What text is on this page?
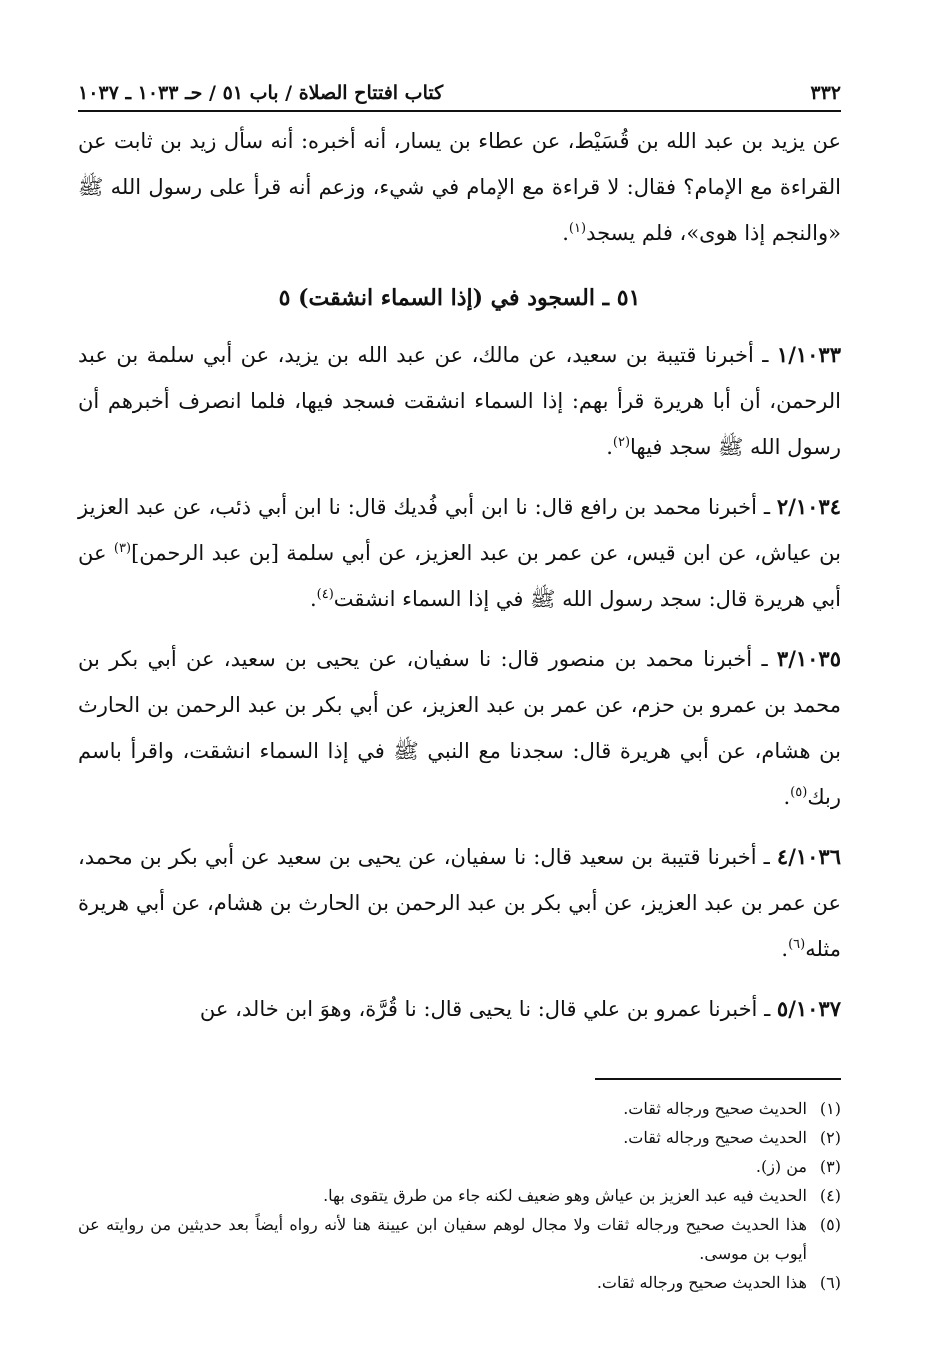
٣٣٢
كتاب افتتاح الصلاة / باب ٥١ / حـ ١٠٣٣ ـ ١٠٣٧

عن يزيد بن عبد الله بن قُسَيْط، عن عطاء بن يسار، أنه أخبره: أنه سأل زيد بن ثابت عن القراءة مع الإمام؟ فقال: لا قراءة مع الإمام في شيء، وزعم أنه قرأ على رسول الله ﷺ «والنجم إذا هوى»، فلم يسجد$^{(١)}$.

٥١ ـ السجود في (إذا السماء انشقت) ٥

١/١٠٣٣ ـ أخبرنا قتيبة بن سعيد، عن مالك، عن عبد الله بن يزيد، عن أبي سلمة بن عبد الرحمن، أن أبا هريرة قرأ بهم: إذا السماء انشقت فسجد فيها، فلما انصرف أخبرهم أن رسول الله ﷺ سجد فيها$^{(٢)}$.

٢/١٠٣٤ ـ أخبرنا محمد بن رافع قال: نا ابن أبي فُديك قال: نا ابن أبي ذئب، عن عبد العزيز بن عياش، عن ابن قيس، عن عمر بن عبد العزيز، عن أبي سلمة [بن عبد الرحمن]$^{(٣)}$ عن أبي هريرة قال: سجد رسول الله ﷺ في إذا السماء انشقت$^{(٤)}$.

٣/١٠٣٥ ـ أخبرنا محمد بن منصور قال: نا سفيان، عن يحيى بن سعيد، عن أبي بكر بن محمد بن عمرو بن حزم، عن عمر بن عبد العزيز، عن أبي بكر بن عبد الرحمن بن الحارث بن هشام، عن أبي هريرة قال: سجدنا مع النبي ﷺ في إذا السماء انشقت، واقرأ باسم ربك$^{(٥)}$.

٤/١٠٣٦ ـ أخبرنا قتيبة بن سعيد قال: نا سفيان، عن يحيى بن سعيد عن أبي بكر بن محمد، عن عمر بن عبد العزيز، عن أبي بكر بن عبد الرحمن بن الحارث بن هشام، عن أبي هريرة مثله$^{(٦)}$.

٥/١٠٣٧ ـ أخبرنا عمرو بن علي قال: نا يحيى قال: نا قُرَّة، وهوَ ابن خالد، عن

(١)
الحديث صحيح ورجاله ثقات.

(٢)
الحديث صحيح ورجاله ثقات.

(٣)
من (ز).

(٤)
الحديث فيه عبد العزيز بن عياش وهو ضعيف لكنه جاء من طرق يتقوى بها.

(٥)
هذا الحديث صحيح ورجاله ثقات ولا مجال لوهم سفيان ابن عيينة هنا لأنه رواه أيضاً بعد حديثين من روايته عن أيوب بن موسى.

(٦)
هذا الحديث صحيح ورجاله ثقات.
